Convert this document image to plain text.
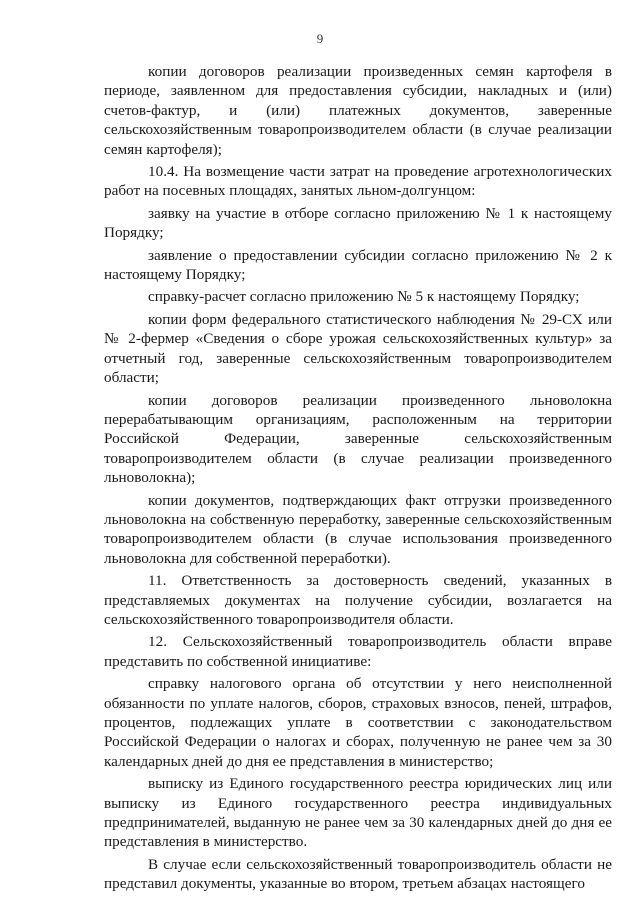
9

копии договоров реализации произведенных семян картофеля в периоде, заявленном для предоставления субсидии, накладных и (или) счетов-фактур, и (или) платежных документов, заверенные сельскохозяйственным товаропроизводителем области (в случае реализации семян картофеля);

10.4. На возмещение части затрат на проведение агротехнологических работ на посевных площадях, занятых льном-долгунцом:

заявку на участие в отборе согласно приложению № 1 к настоящему Порядку;

заявление о предоставлении субсидии согласно приложению № 2 к настоящему Порядку;

справку-расчет согласно приложению № 5 к настоящему Порядку;

копии форм федерального статистического наблюдения № 29-СХ или № 2-фермер «Сведения о сборе урожая сельскохозяйственных культур» за отчетный год, заверенные сельскохозяйственным товаропроизводителем области;

копии договоров реализации произведенного льноволокна перерабатывающим организациям, расположенным на территории Российской Федерации, заверенные сельскохозяйственным товаропроизводителем области (в случае реализации произведенного льноволокна);

копии документов, подтверждающих факт отгрузки произведенного льноволокна на собственную переработку, заверенные сельскохозяйственным товаропроизводителем области (в случае использования произведенного льноволокна для собственной переработки).

11. Ответственность за достоверность сведений, указанных в представляемых документах на получение субсидии, возлагается на сельскохозяйственного товаропроизводителя области.

12. Сельскохозяйственный товаропроизводитель области вправе представить по собственной инициативе:

справку налогового органа об отсутствии у него неисполненной обязанности по уплате налогов, сборов, страховых взносов, пеней, штрафов, процентов, подлежащих уплате в соответствии с законодательством Российской Федерации о налогах и сборах, полученную не ранее чем за 30 календарных дней до дня ее представления в министерство;

выписку из Единого государственного реестра юридических лиц или выписку из Единого государственного реестра индивидуальных предпринимателей, выданную не ранее чем за 30 календарных дней до дня ее представления в министерство.

В случае если сельскохозяйственный товаропроизводитель области не представил документы, указанные во втором, третьем абзацах настоящего
